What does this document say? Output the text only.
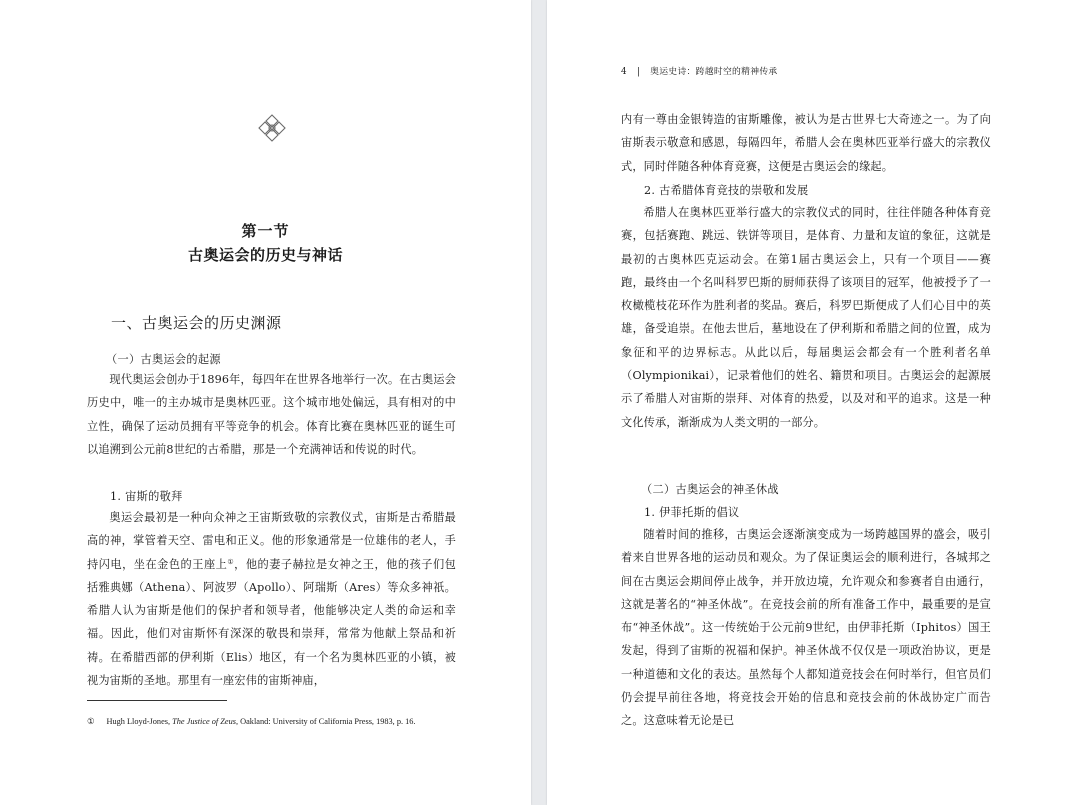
第一节
古奥运会的历史与神话
一、古奥运会的历史渊源
（一）古奥运会的起源

现代奥运会创办于1896年，每四年在世界各地举行一次。在古奥运会历史中，唯一的主办城市是奥林匹亚。这个城市地处偏远，具有相对的中立性，确保了运动员拥有平等竞争的机会。体育比赛在奥林匹亚的诞生可以追溯到公元前8世纪的古希腊，那是一个充满神话和传说的时代。

1. 宙斯的敬拜

奥运会最初是一种向众神之王宙斯致敬的宗教仪式，宙斯是古希腊最高的神，掌管着天空、雷电和正义。他的形象通常是一位雄伟的老人，手持闪电，坐在金色的王座上①，他的妻子赫拉是女神之王，他的孩子们包括雅典娜（Athena）、阿波罗（Apollo）、阿瑞斯（Ares）等众多神祇。希腊人认为宙斯是他们的保护者和领导者，他能够决定人类的命运和幸福。因此，他们对宙斯怀有深深的敬畏和崇拜，常常为他献上祭品和祈祷。在希腊西部的伊利斯（Elis）地区，有一个名为奥林匹亚的小镇，被视为宙斯的圣地。那里有一座宏伟的宙斯神庙，

① Hugh Lloyd-Jones, The Justice of Zeus, Oakland: University of California Press, 1983, p. 16.
4 | 奥运史诗：跨越时空的精神传承

内有一尊由金银铸造的宙斯雕像，被认为是古世界七大奇迹之一。为了向宙斯表示敬意和感恩，每隔四年，希腊人会在奥林匹亚举行盛大的宗教仪式，同时伴随各种体育竞赛，这便是古奥运会的缘起。

2. 古希腊体育竞技的崇敬和发展

希腊人在奥林匹亚举行盛大的宗教仪式的同时，往往伴随各种体育竞赛，包括赛跑、跳远、铁饼等项目，是体育、力量和友谊的象征，这就是最初的古奥林匹克运动会。在第1届古奥运会上，只有一个项目——赛跑，最终由一个名叫科罗巴斯的厨师获得了该项目的冠军，他被授予了一枚橄榄枝花环作为胜利者的奖品。赛后，科罗巴斯便成了人们心目中的英雄，备受追崇。在他去世后，墓地设在了伊利斯和希腊之间的位置，成为象征和平的边界标志。从此以后，每届奥运会都会有一个胜利者名单（Olympionikai），记录着他们的姓名、籍贯和项目。古奥运会的起源展示了希腊人对宙斯的崇拜、对体育的热爱，以及对和平的追求。这是一种文化传承，渐渐成为人类文明的一部分。

（二）古奥运会的神圣休战
1. 伊菲托斯的倡议

随着时间的推移，古奥运会逐渐演变成为一场跨越国界的盛会，吸引着来自世界各地的运动员和观众。为了保证奥运会的顺利进行，各城邦之间在古奥运会期间停止战争，并开放边境，允许观众和参赛者自由通行，这就是著名的“神圣休战”。在竞技会前的所有准备工作中，最重要的是宣布“神圣休战”。这一传统始于公元前9世纪，由伊菲托斯（Iphitos）国王发起，得到了宙斯的祝福和保护。神圣休战不仅仅是一项政治协议，更是一种道德和文化的表达。虽然每个人都知道竞技会在何时举行，但官员们仍会提早前往各地，将竞技会开始的信息和竞技会前的休战协定广而告之。这意味着无论是已
